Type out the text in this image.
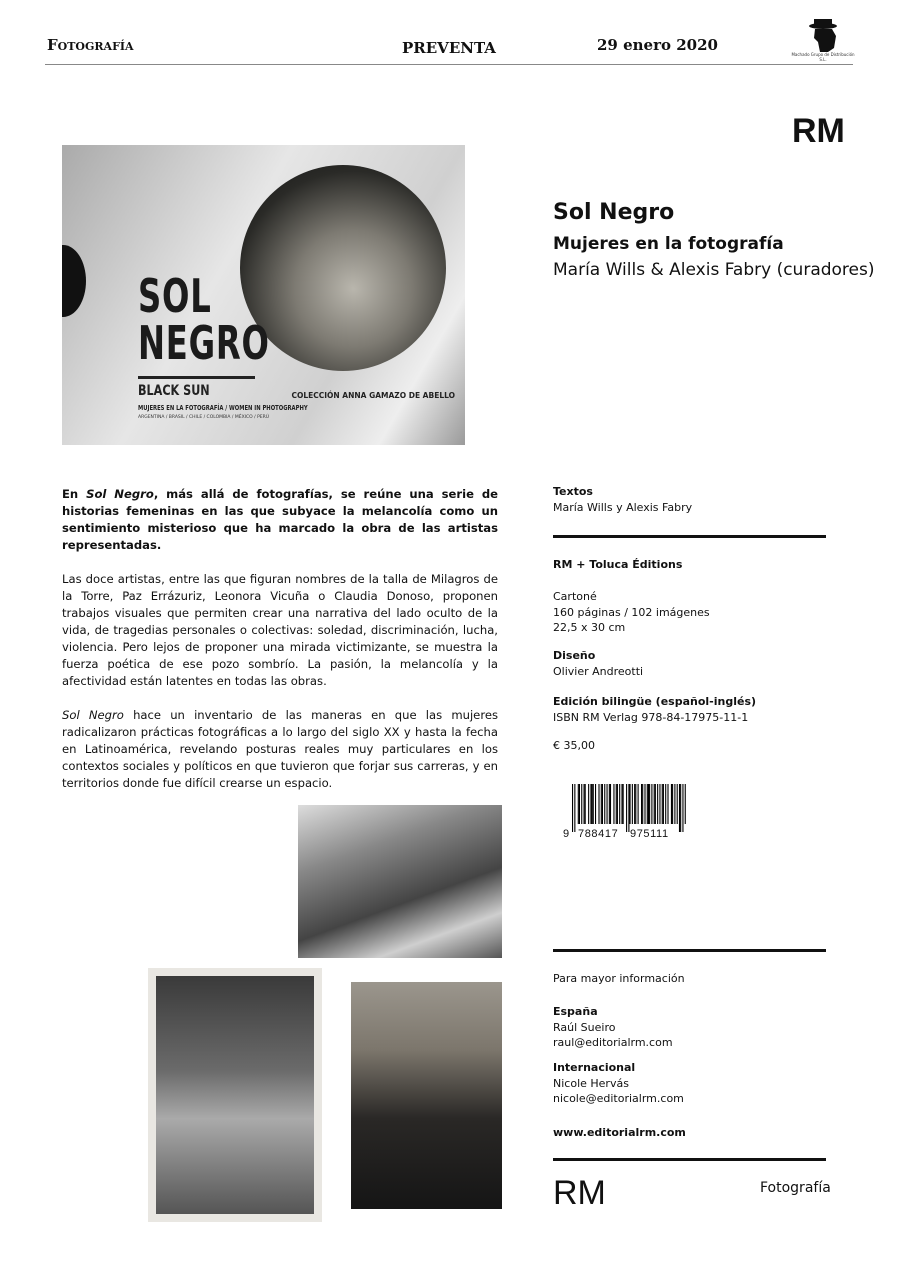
Fotografía	PREVENTA	29 enero 2020
Machado Grupo de Distribución S.L.
RM
SOL
NEGRO
BLACK SUN
MUJERES EN LA FOTOGRAFÍA / WOMEN IN PHOTOGRAPHY
ARGENTINA / BRASIL / CHILE / COLOMBIA / MÉXICO / PERÚ
COLECCIÓN ANNA GAMAZO DE ABELLO
Sol Negro
Mujeres en la fotografía
María Wills & Alexis Fabry (curadores)

En Sol Negro, más allá de fotografías, se reúne una serie de historias femeninas en las que subyace la melancolía como un sentimiento misterioso que ha marcado la obra de las artistas representadas.

Las doce artistas, entre las que figuran nombres de la talla de Milagros de la Torre, Paz Errázuriz, Leonora Vicuña o Claudia Donoso, proponen trabajos visuales que permiten crear una narrativa del lado oculto de la vida, de tragedias personales o colectivas: soledad, discriminación, lucha, violencia. Pero lejos de proponer una mirada victimizante, se muestra la fuerza poética de ese pozo sombrío. La pasión, la melancolía y la afectividad están latentes en todas las obras.

Sol Negro hace un inventario de las maneras en que las mujeres radicalizaron prácticas fotográficas a lo largo del siglo XX y hasta la fecha en Latinoamérica, revelando posturas reales muy particulares en los contextos sociales y políticos en que tuvieron que forjar sus carreras, y en territorios donde fue difícil crearse un espacio.

Textos
María Wills y Alexis Fabry
RM + Toluca Éditions
Cartoné
160 páginas / 102 imágenes
22,5 x 30 cm
Diseño
Olivier Andreotti
Edición bilingüe (español-inglés)
ISBN RM Verlag 978-84-17975-11-1
€ 35,00
9 788417 975111
Para mayor información
España
Raúl Sueiro
raul@editorialrm.com
Internacional
Nicole Hervás
nicole@editorialrm.com
www.editorialrm.com
RM	Fotografía
